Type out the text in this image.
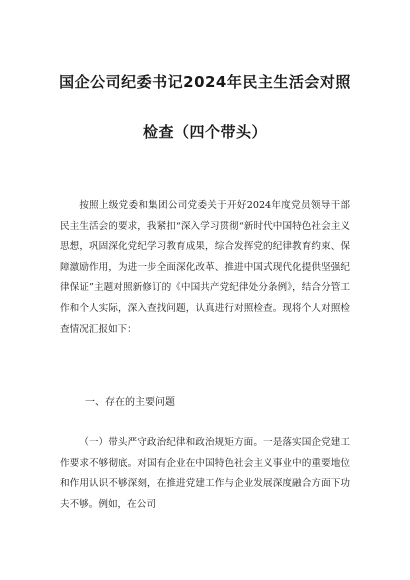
国企公司纪委书记2024年民主生活会对照
检查（四个带头）

按照上级党委和集团公司党委关于开好2024年度党员领导干部民主生活会的要求，我紧扣“深入学习贯彻“新时代中国特色社会主义思想，巩固深化党纪学习教育成果，综合发挥党的纪律教育约束、保障激励作用，为进一步全面深化改革、推进中国式现代化提供坚强纪律保证”主题对照新修订的《中国共产党纪律处分条例》，结合分管工作和个人实际，深入查找问题，认真进行对照检查。现将个人对照检查情况汇报如下：

一、存在的主要问题

（一）带头严守政治纪律和政治规矩方面。一是落实国企党建工作要求不够彻底。对国有企业在中国特色社会主义事业中的重要地位和作用认识不够深刻，在推进党建工作与企业发展深度融合方面下功夫不够。例如，在公司
